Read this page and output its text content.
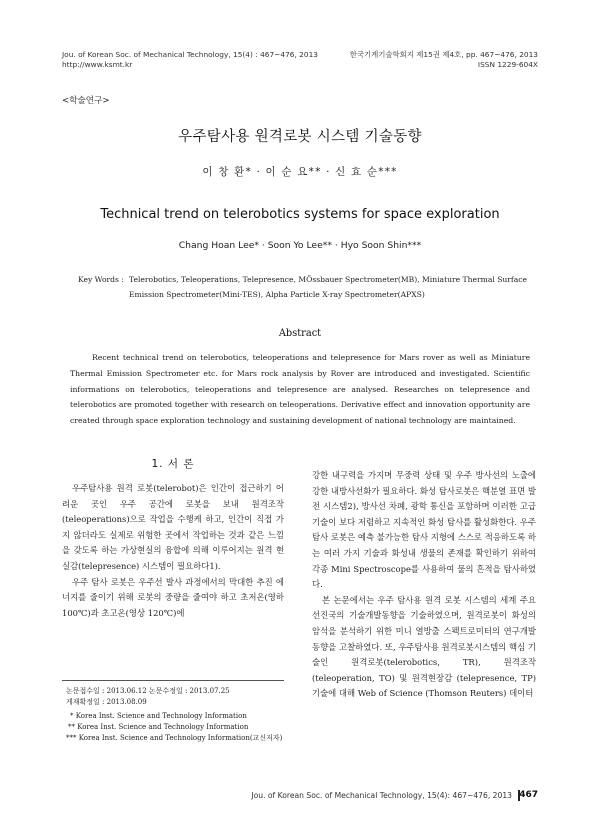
Jou. of Korean Soc. of Mechanical Technology, 15(4) : 467~476, 2013
http://www.ksmt.kr
한국기계기술학회지 제15권 제4호, pp. 467~476, 2013
ISSN 1229-604X
<학술연구>
우주탐사용 원격로봇 시스템 기술동향
이 창 환* · 이 순 요** · 신 효 순***
Technical trend on telerobotics systems for space exploration
Chang Hoan Lee* · Soon Yo Lee** · Hyo Soon Shin***
Key Words : Telerobotics, Teleoperations, Telepresence, MÖssbauer Spectrometer(MB), Miniature Thermal Surface
Emission Spectrometer(Mini-TES), Alpha Particle X-ray Spectrometer(APXS)
Abstract
Recent technical trend on telerobotics, teleoperations and telepresence for Mars rover as well as Miniature Thermal Emission Spectrometer etc. for Mars rock analysis by Rover are introduced and investigated. Scientific informations on telerobotics, teleoperations and telepresence are analysed. Researches on telepresence and telerobotics are promoted together with research on teleoperations. Derivative effect and innovation opportunity are created through space exploration technology and sustaining development of national technology are maintained.
1. 서 론

우주탐사용 원격 로봇(telerobot)은 인간이 접근하기 어려운 곳인 우주 공간에 로봇을 보내 원격조작(teleoperations)으로 작업을 수행케 하고, 인간이 직접 가지 않더라도 실제로 위험한 곳에서 작업하는 것과 같은 느낌을 갖도록 하는 가상현실의 융합에 의해 이루어지는 원격 현실감(telepresence) 시스템이 필요하다1).

우주 탐사 로봇은 우주선 발사 과정에서의 막대한 추진 에너지를 줄이기 위해 로봇의 중량을 줄여야 하고 초저온(영하 100℃)과 초고온(영상 120℃)에

논문접수일 : 2013.06.12 논문수정일 : 2013.07.25
게재확정일 : 2013.08.09
* Korea Inst. Science and Technology Information
** Korea Inst. Science and Technology Information
*** Korea Inst. Science and Technology Information(교신저자)

강한 내구력을 가지며 무중력 상태 및 우주 방사선의 노출에 강한 내방사선화가 필요하다. 화성 탐사로봇은 핵분열 표면 발전 시스템2), 방사선 차폐, 광학 통신을 포함하며 이러한 고급기술이 보다 저렴하고 지속적인 화성 탐사를 활성화한다. 우주탐사 로봇은 예측 불가능한 탐사 지형에 스스로 적응하도록 하는 여러 가지 기술과 화성내 생물의 존재를 확인하기 위하여 각종 Mini Spectroscope를 사용하여 물의 흔적을 탐사하였다.

본 논문에서는 우주 탐사용 원격 로봇 시스템의 세계 주요 선진국의 기술개발동향을 기술하였으며, 원격로봇이 화성의 암석을 분석하기 위한 미니 열방출 스펙트로미터의 연구개발동향을 고찰하였다. 또, 우주탐사용 원격로봇시스템의 핵심 기술인 원격로봇(telerobotics, TR), 원격조작(teleoperation, TO) 및 원격현장감 (telepresence, TP) 기술에 대해 Web of Science (Thomson Reuters) 데이터

Jou. of Korean Soc. of Mechanical Technology, 15(4): 467~476, 2013 467
